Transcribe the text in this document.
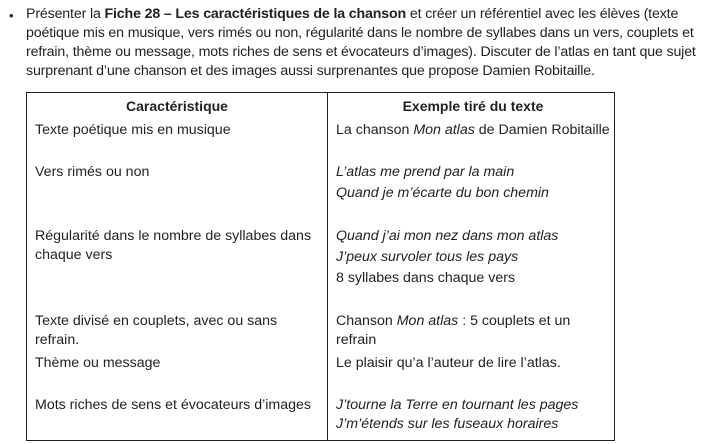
• Présenter la Fiche 28 – Les caractéristiques de la chanson et créer un référentiel avec les élèves (texte poétique mis en musique, vers rimés ou non, régularité dans le nombre de syllabes dans un vers, couplets et refrain, thème ou message, mots riches de sens et évocateurs d’images). Discuter de l’atlas en tant que sujet surprenant d’une chanson et des images aussi surprenantes que propose Damien Robitaille.
Caractéristique	Exemple tiré du texte

Texte poétique mis en musique	La chanson Mon atlas de Damien Robitaille

Vers rimés ou non	L’atlas me prend par la main
Quand je m’écarte du bon chemin

Régularité dans le nombre de syllabes dans
chaque vers	Quand j’ai mon nez dans mon atlas
J’peux survoler tous les pays
8 syllabes dans chaque vers

Texte divisé en couplets, avec ou sans
refrain.	Chanson Mon atlas : 5 couplets et un
refrain

Thème ou message	Le plaisir qu’a l’auteur de lire l’atlas.

Mots riches de sens et évocateurs d’images	J’tourne la Terre en tournant les pages
J’m’étends sur les fuseaux horaires
